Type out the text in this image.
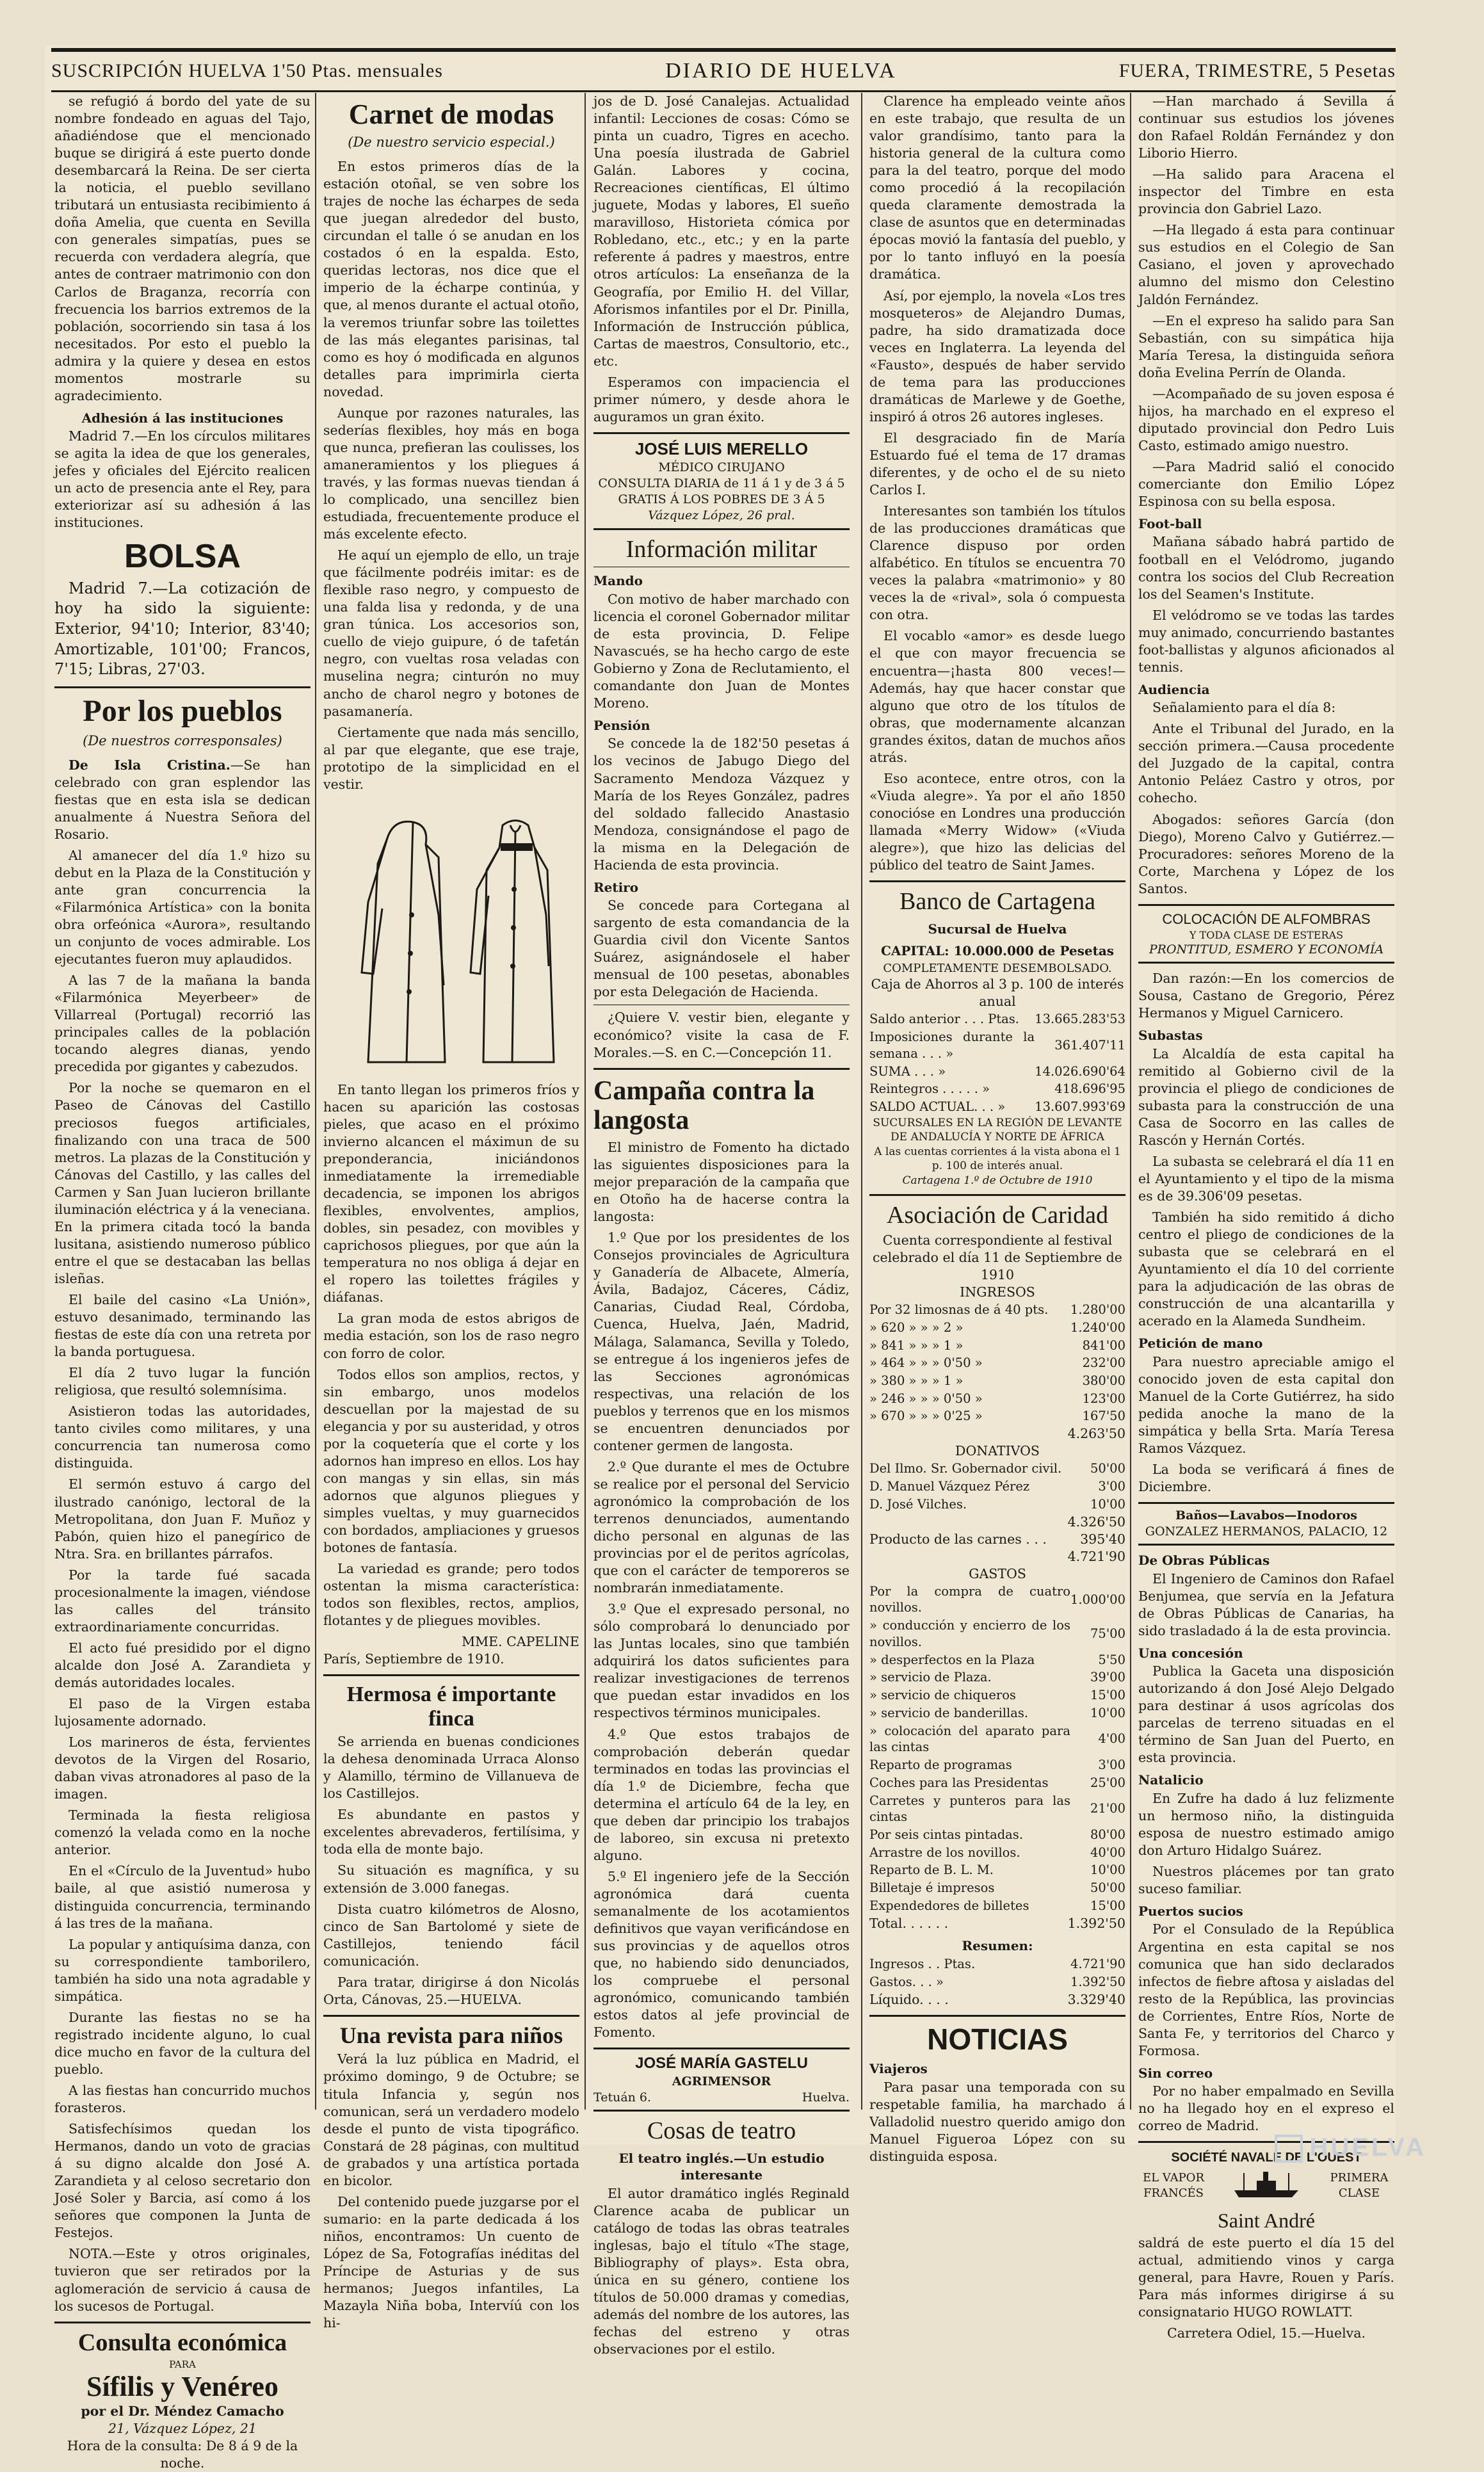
SUSCRIPCIÓN HUELVA 1'50 Ptas. mensuales	DIARIO DE HUELVA	FUERA, TRIMESTRE, 5 Pesetas

se refugió á bordo del yate de su nombre fondeado en aguas del Tajo, añadiéndose que el mencionado buque se dirigirá á este puerto donde desembarcará la Reina. De ser cierta la noticia, el pueblo sevillano tributará un entusiasta recibimiento á doña Amelia, que cuenta en Sevilla con generales simpatías, pues se recuerda con verdadera alegría, que antes de contraer matrimonio con don Carlos de Braganza, recorría con frecuencia los barrios extremos de la población, socorriendo sin tasa á los necesitados. Por esto el pueblo la admira y la quiere y desea en estos momentos mostrarle su agradecimiento.

Adhesión á las instituciones

Madrid 7.—En los círculos militares se agita la idea de que los generales, jefes y oficiales del Ejército realicen un acto de presencia ante el Rey, para exteriorizar así su adhesión á las instituciones.

BOLSA

Madrid 7.—La cotización de hoy ha sido la siguiente: Exterior, 94'10; Interior, 83'40; Amortizable, 101'00; Francos, 7'15; Libras, 27'03.

Por los pueblos
(De nuestros corresponsales)

De Isla Cristina.—Se han celebrado con gran esplendor las fiestas que en esta isla se dedican anualmente á Nuestra Señora del Rosario.

Al amanecer del día 1.º hizo su debut en la Plaza de la Constitución y ante gran concurrencia la «Filarmónica Artística» con la bonita obra orfeónica «Aurora», resultando un conjunto de voces admirable. Los ejecutantes fueron muy aplaudidos.

A las 7 de la mañana la banda «Filarmónica Meyerbeer» de Villarreal (Portugal) recorrió las principales calles de la población tocando alegres dianas, yendo precedida por gigantes y cabezudos.

Por la noche se quemaron en el Paseo de Cánovas del Castillo preciosos fuegos artificiales, finalizando con una traca de 500 metros. La plazas de la Constitución y Cánovas del Castillo, y las calles del Carmen y San Juan lucieron brillante iluminación eléctrica y á la veneciana. En la primera citada tocó la banda lusitana, asistiendo numeroso público entre el que se destacaban las bellas isleñas.

El baile del casino «La Unión», estuvo desanimado, terminando las fiestas de este día con una retreta por la banda portuguesa.

El día 2 tuvo lugar la función religiosa, que resultó solemnísima.

Asistieron todas las autoridades, tanto civiles como militares, y una concurrencia tan numerosa como distinguida.

El sermón estuvo á cargo del ilustrado canónigo, lectoral de la Metropolitana, don Juan F. Muñoz y Pabón, quien hizo el panegírico de Ntra. Sra. en brillantes párrafos.

Por la tarde fué sacada procesionalmente la imagen, viéndose las calles del tránsito extraordinariamente concurridas.

El acto fué presidido por el digno alcalde don José A. Zarandieta y demás autoridades locales.

El paso de la Virgen estaba lujosamente adornado.

Los marineros de ésta, fervientes devotos de la Virgen del Rosario, daban vivas atronadores al paso de la imagen.

Terminada la fiesta religiosa comenzó la velada como en la noche anterior.

En el «Círculo de la Juventud» hubo baile, al que asistió numerosa y distinguida concurrencia, terminando á las tres de la mañana.

La popular y antiquísima danza, con su correspondiente tamborilero, también ha sido una nota agradable y simpática.

Durante las fiestas no se ha registrado incidente alguno, lo cual dice mucho en favor de la cultura del pueblo.

A las fiestas han concurrido muchos forasteros.

Satisfechísimos quedan los Hermanos, dando un voto de gracias á su digno alcalde don José A. Zarandieta y al celoso secretario don José Soler y Barcia, así como á los señores que componen la Junta de Festejos.

NOTA.—Este y otros originales, tuvieron que ser retirados por la aglomeración de servicio á causa de los sucesos de Portugal.

Consulta económica
PARA
Sífilis y Venéreo
por el Dr. Méndez Camacho
21, Vázquez López, 21
Hora de la consulta: De 8 á 9 de la noche.
Carnet de modas
(De nuestro servicio especial.)

En estos primeros días de la estación otoñal, se ven sobre los trajes de noche las écharpes de seda que juegan alrededor del busto, circundan el talle ó se anudan en los costados ó en la espalda. Esto, queridas lectoras, nos dice que el imperio de la écharpe continúa, y que, al menos durante el actual otoño, la veremos triunfar sobre las toilettes de las más elegantes parisinas, tal como es hoy ó modificada en algunos detalles para imprimirla cierta novedad.

Aunque por razones naturales, las sederías flexibles, hoy más en boga que nunca, prefieran las coulisses, los amaneramientos y los pliegues á través, y las formas nuevas tiendan á lo complicado, una sencillez bien estudiada, frecuentemente produce el más excelente efecto.

He aquí un ejemplo de ello, un traje que fácilmente podréis imitar: es de flexible raso negro, y compuesto de una falda lisa y redonda, y de una gran túnica. Los accesorios son, cuello de viejo guipure, ó de tafetán negro, con vueltas rosa veladas con muselina negra; cinturón no muy ancho de charol negro y botones de pasamanería.

Ciertamente que nada más sencillo, al par que elegante, que ese traje, prototipo de la simplicidad en el vestir.

En tanto llegan los primeros fríos y hacen su aparición las costosas pieles, que acaso en el próximo invierno alcancen el máximun de su preponderancia, iniciándonos inmediatamente la irremediable decadencia, se imponen los abrigos flexibles, envolventes, amplios, dobles, sin pesadez, con movibles y caprichosos pliegues, por que aún la temperatura no nos obliga á dejar en el ropero las toilettes frágiles y diáfanas.

La gran moda de estos abrigos de media estación, son los de raso negro con forro de color.

Todos ellos son amplios, rectos, y sin embargo, unos modelos descuellan por la majestad de su elegancia y por su austeridad, y otros por la coquetería que el corte y los adornos han impreso en ellos. Los hay con mangas y sin ellas, sin más adornos que algunos pliegues y simples vueltas, y muy guarnecidos con bordados, ampliaciones y gruesos botones de fantasía.

La variedad es grande; pero todos ostentan la misma característica: todos son flexibles, rectos, amplios, flotantes y de pliegues movibles.

MME. CAPELINE
París, Septiembre de 1910.
Hermosa é importante finca

Se arrienda en buenas condiciones la dehesa denominada Urraca Alonso y Alamillo, término de Villanueva de los Castillejos.

Es abundante en pastos y excelentes abrevaderos, fertilísima, y toda ella de monte bajo.

Su situación es magnífica, y su extensión de 3.000 fanegas.

Dista cuatro kilómetros de Alosno, cinco de San Bartolomé y siete de Castillejos, teniendo fácil comunicación.

Para tratar, dirigirse á don Nicolás Orta, Cánovas, 25.—HUELVA.

Una revista para niños

Verá la luz pública en Madrid, el próximo domingo, 9 de Octubre; se titula Infancia y, según nos comunican, será un verdadero modelo desde el punto de vista tipográfico. Constará de 28 páginas, con multitud de grabados y una artística portada en bicolor.

Del contenido puede juzgarse por el sumario: en la parte dedicada á los niños, encontramos: Un cuento de López de Sa, Fotografías inéditas del Príncipe de Asturias y de sus hermanos; Juegos infantiles, La Mazayla Niña boba, Intervíú con los hi-

jos de D. José Canalejas. Actualidad infantil: Lecciones de cosas: Cómo se pinta un cuadro, Tigres en acecho. Una poesía ilustrada de Gabriel Galán. Labores y cocina, Recreaciones científicas, El último juguete, Modas y labores, El sueño maravilloso, Historieta cómica por Robledano, etc., etc.; y en la parte referente á padres y maestros, entre otros artículos: La enseñanza de la Geografía, por Emilio H. del Villar, Aforismos infantiles por el Dr. Pinilla, Información de Instrucción pública, Cartas de maestros, Consultorio, etc., etc.

Esperamos con impaciencia el primer número, y desde ahora le auguramos un gran éxito.

JOSÉ LUIS MERELLO
MÉDICO CIRUJANO
CONSULTA DIARIA de 11 á 1 y de 3 á 5
GRATIS Á LOS POBRES DE 3 Á 5
Vázquez López, 26 pral.
Información militar
Mando

Con motivo de haber marchado con licencia el coronel Gobernador militar de esta provincia, D. Felipe Navascués, se ha hecho cargo de este Gobierno y Zona de Reclutamiento, el comandante don Juan de Montes Moreno.

Pensión

Se concede la de 182'50 pesetas á los vecinos de Jabugo Diego del Sacramento Mendoza Vázquez y María de los Reyes González, padres del soldado fallecido Anastasio Mendoza, consignándose el pago de la misma en la Delegación de Hacienda de esta provincia.

Retiro

Se concede para Cortegana al sargento de esta comandancia de la Guardia civil don Vicente Santos Suárez, asignándosele el haber mensual de 100 pesetas, abonables por esta Delegación de Hacienda.

¿Quiere V. vestir bien, elegante y económico? visite la casa de F. Morales.—S. en C.—Concepción 11.

Campaña contra la langosta

El ministro de Fomento ha dictado las siguientes disposiciones para la mejor preparación de la campaña que en Otoño ha de hacerse contra la langosta:

1.º Que por los presidentes de los Consejos provinciales de Agricultura y Ganadería de Albacete, Almería, Ávila, Badajoz, Cáceres, Cádiz, Canarias, Ciudad Real, Córdoba, Cuenca, Huelva, Jaén, Madrid, Málaga, Salamanca, Sevilla y Toledo, se entregue á los ingenieros jefes de las Secciones agronómicas respectivas, una relación de los pueblos y terrenos que en los mismos se encuentren denunciados por contener germen de langosta.

2.º Que durante el mes de Octubre se realice por el personal del Servicio agronómico la comprobación de los terrenos denunciados, aumentando dicho personal en algunas de las provincias por el de peritos agrícolas, que con el carácter de temporeros se nombrarán inmediatamente.

3.º Que el expresado personal, no sólo comprobará lo denunciado por las Juntas locales, sino que también adquirirá los datos suficientes para realizar investigaciones de terrenos que puedan estar invadidos en los respectivos términos municipales.

4.º Que estos trabajos de comprobación deberán quedar terminados en todas las provincias el día 1.º de Diciembre, fecha que determina el artículo 64 de la ley, en que deben dar principio los trabajos de laboreo, sin excusa ni pretexto alguno.

5.º El ingeniero jefe de la Sección agronómica dará cuenta semanalmente de los acotamientos definitivos que vayan verificándose en sus provincias y de aquellos otros que, no habiendo sido denunciados, los compruebe el personal agronómico, comunicando también estos datos al jefe provincial de Fomento.

JOSÉ MARÍA GASTELU
AGRIMENSOR
Tetuán 6.	Huelva.
Cosas de teatro
El teatro inglés.—Un estudio interesante

El autor dramático inglés Reginald Clarence acaba de publicar un catálogo de todas las obras teatrales inglesas, bajo el título «The stage, Bibliography of plays». Esta obra, única en su género, contiene los títulos de 50.000 dramas y comedias, además del nombre de los autores, las fechas del estreno y otras observaciones por el estilo.

Clarence ha empleado veinte años en este trabajo, que resulta de un valor grandísimo, tanto para la historia general de la cultura como para la del teatro, porque del modo como procedió á la recopilación queda claramente demostrada la clase de asuntos que en determinadas épocas movió la fantasía del pueblo, y por lo tanto influyó en la poesía dramática.

Así, por ejemplo, la novela «Los tres mosqueteros» de Alejandro Dumas, padre, ha sido dramatizada doce veces en Inglaterra. La leyenda del «Fausto», después de haber servido de tema para las producciones dramáticas de Marlewe y de Goethe, inspiró á otros 26 autores ingleses.

El desgraciado fin de María Estuardo fué el tema de 17 dramas diferentes, y de ocho el de su nieto Carlos I.

Interesantes son también los títulos de las producciones dramáticas que Clarence dispuso por orden alfabético. En títulos se encuentra 70 veces la palabra «matrimonio» y 80 veces la de «rival», sola ó compuesta con otra.

El vocablo «amor» es desde luego el que con mayor frecuencia se encuentra—¡hasta 800 veces!—Además, hay que hacer constar que alguno que otro de los títulos de obras, que modernamente alcanzan grandes éxitos, datan de muchos años atrás.

Eso acontece, entre otros, con la «Viuda alegre». Ya por el año 1850 conocióse en Londres una producción llamada «Merry Widow» («Viuda alegre»), que hizo las delicias del público del teatro de Saint James.

Banco de Cartagena
Sucursal de Huelva
CAPITAL: 10.000.000 de Pesetas
COMPLETAMENTE DESEMBOLSADO.
Caja de Ahorros al 3 p. 100 de interés anual
Saldo anterior . . . Ptas.	13.665.283'53
Imposiciones durante la semana . . . »	361.407'11
SUMA . . . »	14.026.690'64
Reintegros . . . . . »	418.696'95
SALDO ACTUAL. . . »	13.607.993'69
SUCURSALES EN LA REGIÓN DE LEVANTE DE ANDALUCÍA Y NORTE DE ÁFRICA
A las cuentas corrientes á la vista abona el 1 p. 100 de interés anual.
Cartagena 1.º de Octubre de 1910
Asociación de Caridad
Cuenta correspondiente al festival celebrado el día 11 de Septiembre de 1910
INGRESOS
Por 32 limosnas de á 40 pts.	1.280'00
» 620 » » » 2 »	1.240'00
» 841 » » » 1 »	841'00
» 464 » » » 0'50 »	232'00
» 380 » » » 1 »	380'00
» 246 » » » 0'50 »	123'00
» 670 » » » 0'25 »	167'50
4.263'50
DONATIVOS
Del Ilmo. Sr. Gobernador civil.	50'00
D. Manuel Vázquez Pérez	3'00
D. José Vilches.	10'00
4.326'50
Producto de las carnes . . .	395'40
4.721'90
GASTOS
Por la compra de cuatro novillos.	1.000'00
» conducción y encierro de los novillos.	75'00
» desperfectos en la Plaza	5'50
» servicio de Plaza.	39'00
» servicio de chiqueros	15'00
» servicio de banderillas.	10'00
» colocación del aparato para las cintas	4'00
Reparto de programas	3'00
Coches para las Presidentas	25'00
Carretes y punteros para las cintas	21'00
Por seis cintas pintadas.	80'00
Arrastre de los novillos.	40'00
Reparto de B. L. M.	10'00
Billetaje é impresos	50'00
Expendedores de billetes	15'00
Total. . . . . .	1.392'50
Resumen:
Ingresos . . Ptas.	4.721'90
Gastos. . . »	1.392'50
Líquido. . . .	3.329'40
NOTICIAS
Viajeros

Para pasar una temporada con su respetable familia, ha marchado á Valladolid nuestro querido amigo don Manuel Figueroa López con su distinguida esposa.

—Han marchado á Sevilla á continuar sus estudios los jóvenes don Rafael Roldán Fernández y don Liborio Hierro.

—Ha salido para Aracena el inspector del Timbre en esta provincia don Gabriel Lazo.

—Ha llegado á esta para continuar sus estudios en el Colegio de San Casiano, el joven y aprovechado alumno del mismo don Celestino Jaldón Fernández.

—En el expreso ha salido para San Sebastián, con su simpática hija María Teresa, la distinguida señora doña Evelina Perrín de Olanda.

—Acompañado de su joven esposa é hijos, ha marchado en el expreso el diputado provincial don Pedro Luis Casto, estimado amigo nuestro.

—Para Madrid salió el conocido comerciante don Emilio López Espinosa con su bella esposa.

Foot-ball

Mañana sábado habrá partido de football en el Velódromo, jugando contra los socios del Club Recreation los del Seamen's Institute.

El velódromo se ve todas las tardes muy animado, concurriendo bastantes foot-ballistas y algunos aficionados al tennis.

Audiencia

Señalamiento para el día 8:

Ante el Tribunal del Jurado, en la sección primera.—Causa procedente del Juzgado de la capital, contra Antonio Peláez Castro y otros, por cohecho.

Abogados: señores García (don Diego), Moreno Calvo y Gutiérrez.—Procuradores: señores Moreno de la Corte, Marchena y López de los Santos.

COLOCACIÓN DE ALFOMBRAS
Y TODA CLASE DE ESTERAS
PRONTITUD, ESMERO Y ECONOMÍA

Dan razón:—En los comercios de Sousa, Castano de Gregorio, Pérez Hermanos y Miguel Carnicero.

Subastas

La Alcaldía de esta capital ha remitido al Gobierno civil de la provincia el pliego de condiciones de subasta para la construcción de una Casa de Socorro en las calles de Rascón y Hernán Cortés.

La subasta se celebrará el día 11 en el Ayuntamiento y el tipo de la misma es de 39.306'09 pesetas.

También ha sido remitido á dicho centro el pliego de condiciones de la subasta que se celebrará en el Ayuntamiento el día 10 del corriente para la adjudicación de las obras de construcción de una alcantarilla y acerado en la Alameda Sundheim.

Petición de mano

Para nuestro apreciable amigo el conocido joven de esta capital don Manuel de la Corte Gutiérrez, ha sido pedida anoche la mano de la simpática y bella Srta. María Teresa Ramos Vázquez.

La boda se verificará á fines de Diciembre.

Baños—Lavabos—Inodoros
GONZALEZ HERMANOS, PALACIO, 12
De Obras Públicas

El Ingeniero de Caminos don Rafael Benjumea, que servía en la Jefatura de Obras Públicas de Canarias, ha sido trasladado á la de esta provincia.

Una concesión

Publica la Gaceta una disposición autorizando á don José Alejo Delgado para destinar á usos agrícolas dos parcelas de terreno situadas en el término de San Juan del Puerto, en esta provincia.

Natalicio

En Zufre ha dado á luz felizmente un hermoso niño, la distinguida esposa de nuestro estimado amigo don Arturo Hidalgo Suárez.

Nuestros plácemes por tan grato suceso familiar.

Puertos sucios

Por el Consulado de la República Argentina en esta capital se nos comunica que han sido declarados infectos de fiebre aftosa y aisladas del resto de la República, las provincias de Corrientes, Entre Ríos, Norte de Santa Fe, y territorios del Charco y Formosa.

Sin correo

Por no haber empalmado en Sevilla no ha llegado hoy en el expreso el correo de Madrid.

SOCIÉTÉ NAVALE DE L'OUEST
EL VAPOR FRANCÉS
PRIMERA CLASE
Saint André

saldrá de este puerto el día 15 del actual, admitiendo vinos y carga general, para Havre, Rouen y París. Para más informes dirigirse á su consignatario HUGO ROWLATT.

Carretera Odiel, 15.—Huelva.
HUELVA
